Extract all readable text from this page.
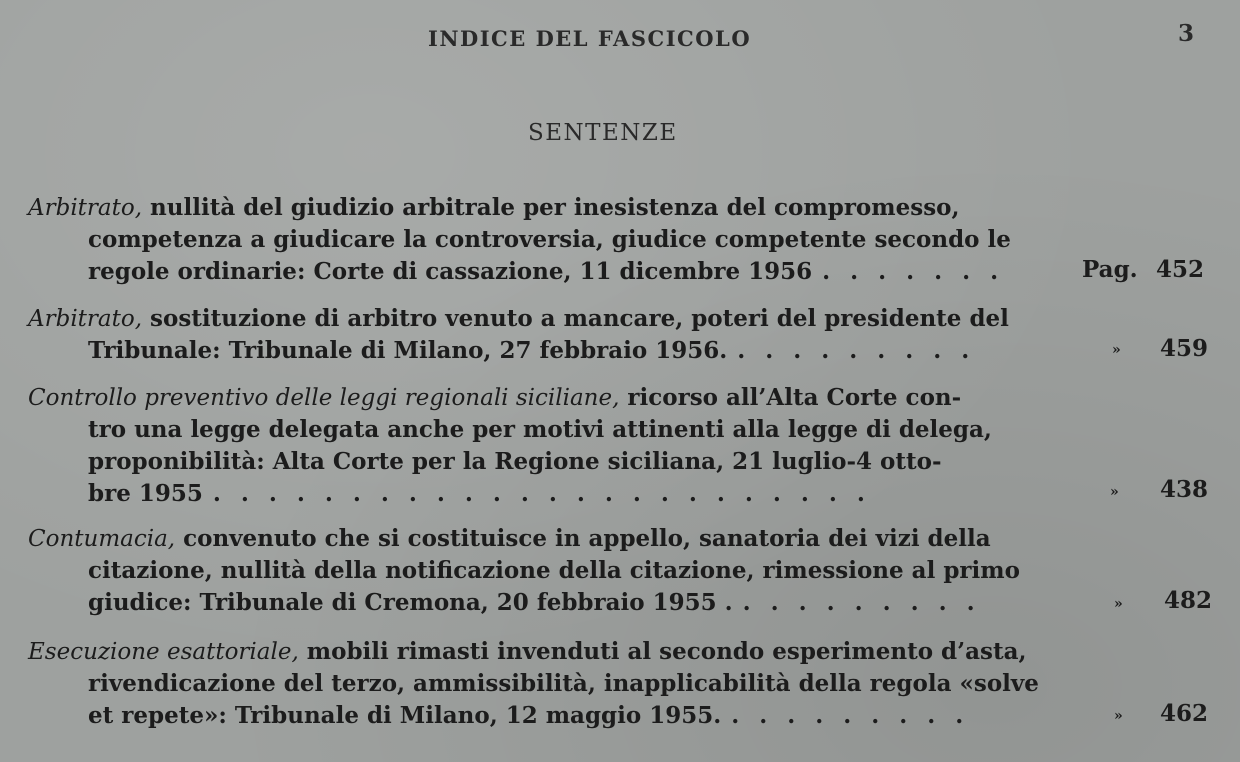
INDICE DEL FASCICOLO	3
SENTENZE
Arbitrato, nullità del giudizio arbitrale per inesistenza del compromesso,
competenza a giudicare la controversia, giudice competente secondo le
regole ordinarie: Corte di cassazione, 11 dicembre 1956 . . . . . . .	Pag. 452
Arbitrato, sostituzione di arbitro venuto a mancare, poteri del presidente del
Tribunale: Tribunale di Milano, 27 febbraio 1956. . . . . . . . . .	» 459
Controllo preventivo delle leggi regionali siciliane, ricorso all’Alta Corte con-
tro una legge delegata anche per motivi attinenti alla legge di delega,
proponibilità: Alta Corte per la Regione siciliana, 21 luglio-4 otto-
bre 1955 . . . . . . . . . . . . . . . . . . . . . . . .	» 438
Contumacia, convenuto che si costituisce in appello, sanatoria dei vizi della
citazione, nullità della notificazione della citazione, rimessione al primo
giudice: Tribunale di Cremona, 20 febbraio 1955 . . . . . . . . . .	» 482
Esecuzione esattoriale, mobili rimasti invenduti al secondo esperimento d’asta,
rivendicazione del terzo, ammissibilità, inapplicabilità della regola «solve
et repete»: Tribunale di Milano, 12 maggio 1955. . . . . . . . . .	» 462
